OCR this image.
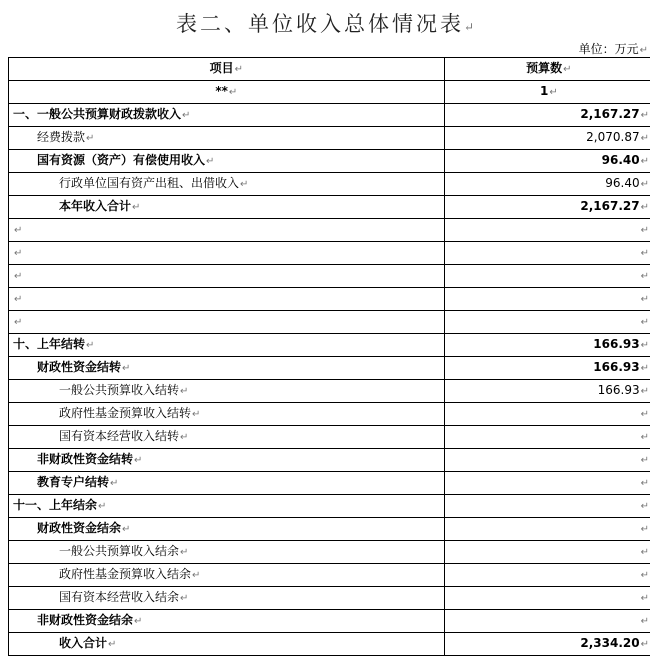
表二、单位收入总体情况表↵
单位：万元↵
项目↵	预算数↵
**↵	1↵
一、一般公共预算财政拨款收入↵	2,167.27↵
经费拨款↵	2,070.87↵
国有资源（资产）有偿使用收入↵	96.40↵
行政单位国有资产出租、出借收入↵	96.40↵
本年收入合计↵	2,167.27↵
↵	↵
↵	↵
↵	↵
↵	↵
↵	↵
十、上年结转↵	166.93↵
财政性资金结转↵	166.93↵
一般公共预算收入结转↵	166.93↵
政府性基金预算收入结转↵	↵
国有资本经营收入结转↵	↵
非财政性资金结转↵	↵
教育专户结转↵	↵
十一、上年结余↵	↵
财政性资金结余↵	↵
一般公共预算收入结余↵	↵
政府性基金预算收入结余↵	↵
国有资本经营收入结余↵	↵
非财政性资金结余↵	↵
收入合计↵	2,334.20↵
